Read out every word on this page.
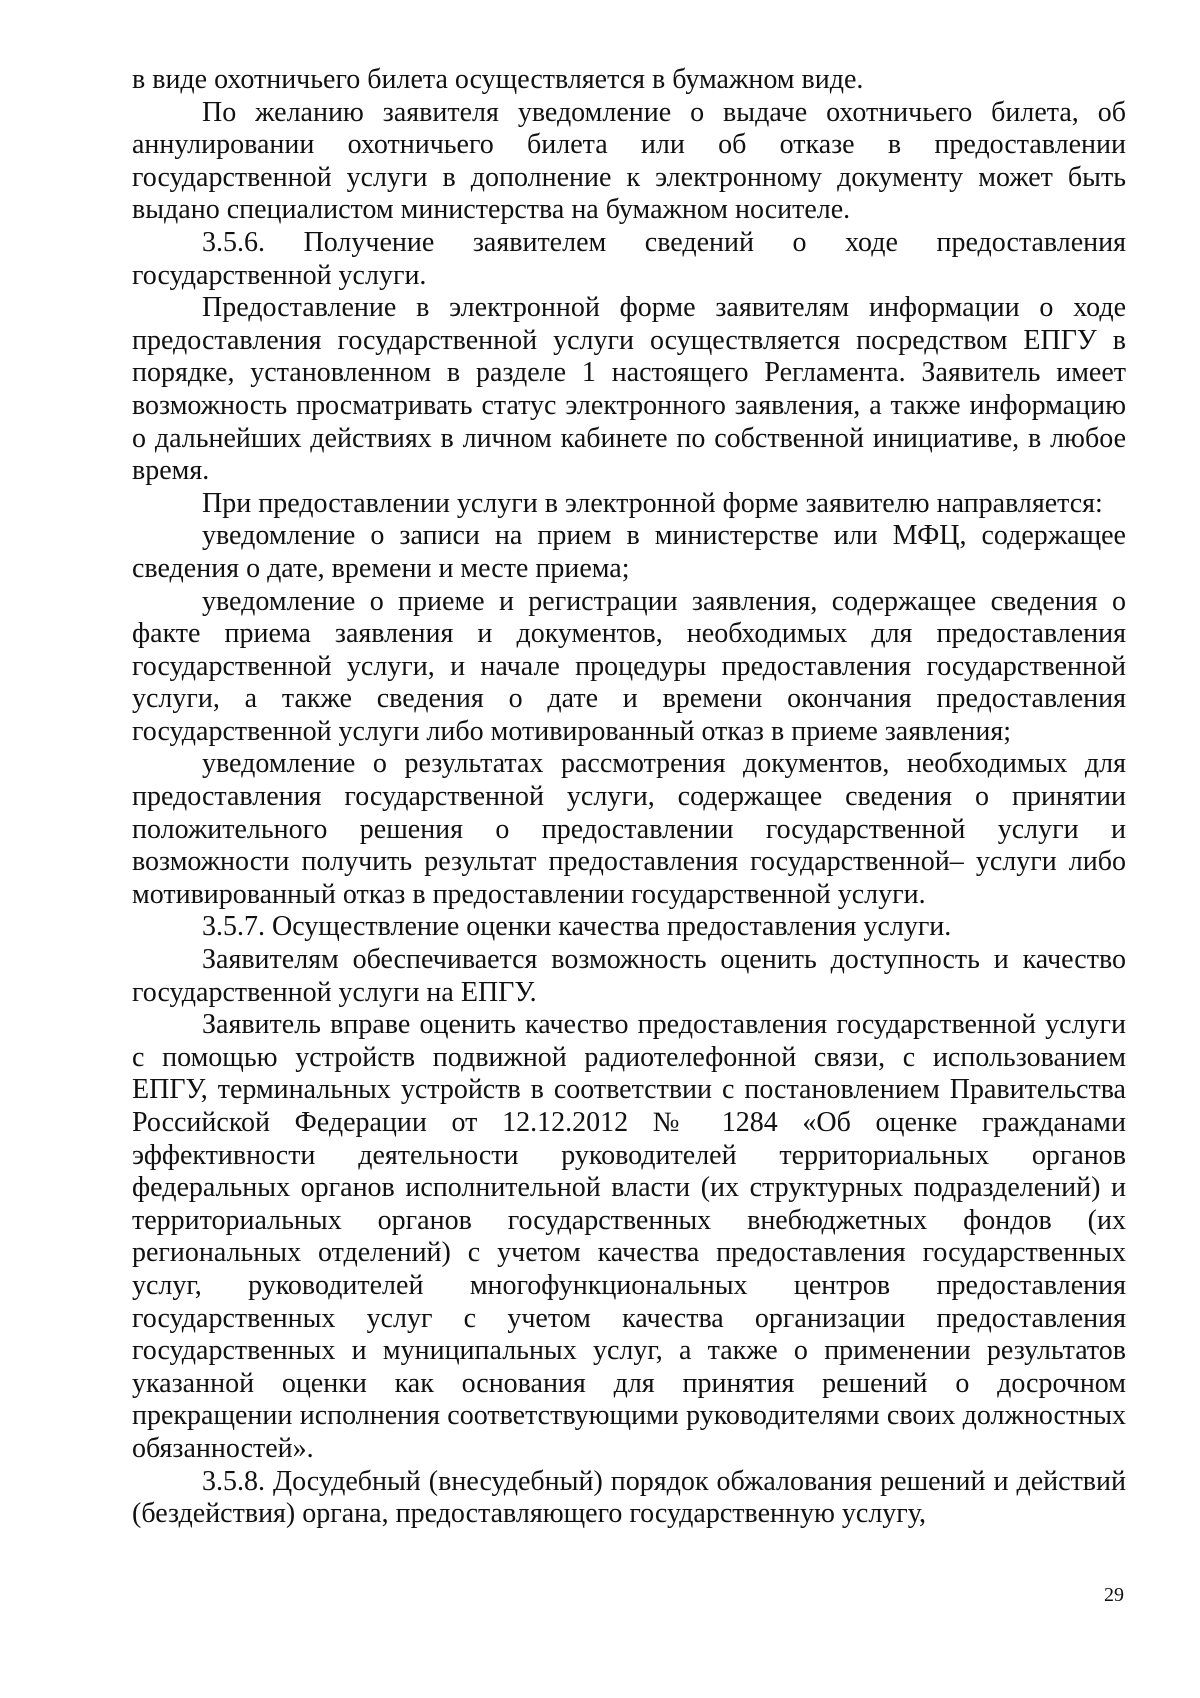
в виде охотничьего билета осуществляется в бумажном виде.

По желанию заявителя уведомление о выдаче охотничьего билета, об аннулировании охотничьего билета или об отказе в предоставлении государственной услуги в дополнение к электронному документу может быть выдано специалистом министерства на бумажном носителе.

3.5.6. Получение заявителем сведений о ходе предоставления государственной услуги.

Предоставление в электронной форме заявителям информации о ходе предоставления государственной услуги осуществляется посредством ЕПГУ в порядке, установленном в разделе 1 настоящего Регламента. Заявитель имеет возможность просматривать статус электронного заявления, а также информацию о дальнейших действиях в личном кабинете по собственной инициативе, в любое время.

При предоставлении услуги в электронной форме заявителю направляется:

уведомление о записи на прием в министерстве или МФЦ, содержащее сведения о дате, времени и месте приема;

уведомление о приеме и регистрации заявления, содержащее сведения о факте приема заявления и документов, необходимых для предоставления государственной услуги, и начале процедуры предоставления государственной услуги, а также сведения о дате и времени окончания предоставления государственной услуги либо мотивированный отказ в приеме заявления;

уведомление о результатах рассмотрения документов, необходимых для предоставления государственной услуги, содержащее сведения о принятии положительного решения о предоставлении государственной услуги и возможности получить результат предоставления государственной– услуги либо мотивированный отказ в предоставлении государственной услуги.

3.5.7. Осуществление оценки качества предоставления услуги.

Заявителям обеспечивается возможность оценить доступность и качество государственной услуги на ЕПГУ.

Заявитель вправе оценить качество предоставления государственной услуги с помощью устройств подвижной радиотелефонной связи, с использованием ЕПГУ, терминальных устройств в соответствии с постановлением Правительства Российской Федерации от 12.12.2012 № 1284 «Об оценке гражданами эффективности деятельности руководителей территориальных органов федеральных органов исполнительной власти (их структурных подразделений) и территориальных органов государственных внебюджетных фондов (их региональных отделений) с учетом качества предоставления государственных услуг, руководителей многофункциональных центров предоставления государственных услуг с учетом качества организации предоставления государственных и муниципальных услуг, а также о применении результатов указанной оценки как основания для принятия решений о досрочном прекращении исполнения соответствующими руководителями своих должностных обязанностей».

3.5.8. Досудебный (внесудебный) порядок обжалования решений и действий (бездействия) органа, предоставляющего государственную услугу,

29
